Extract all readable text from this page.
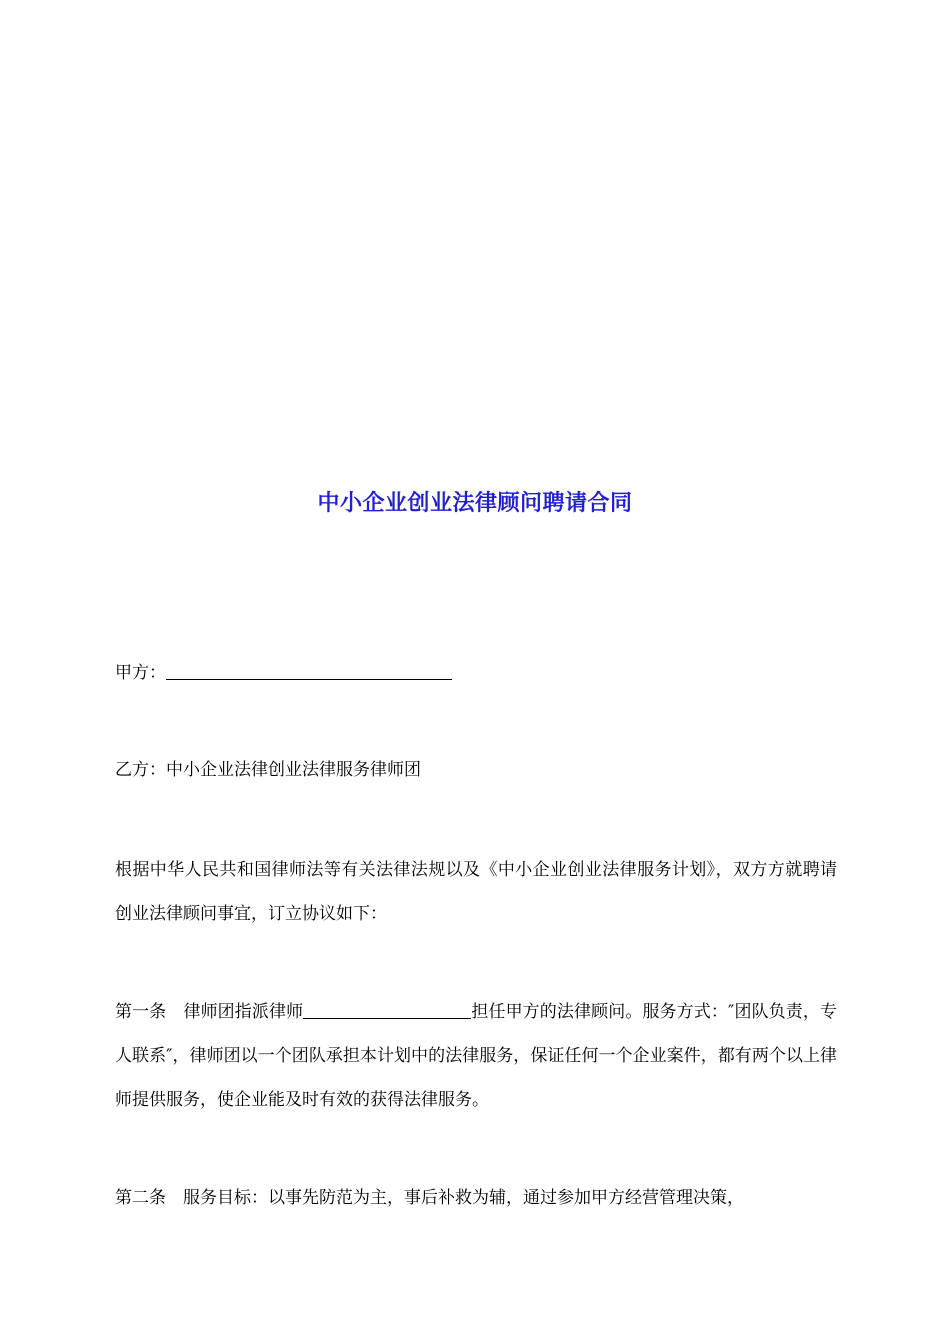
中小企业创业法律顾问聘请合同

甲方：

乙方：中小企业法律创业法律服务律师团

根据中华人民共和国律师法等有关法律法规以及《中小企业创业法律服务计划》，双方方就聘请创业法律顾问事宜，订立协议如下：

第一条 律师团指派律师	担任甲方的法律顾问。服务方式：″团队负责，专人联系″，律师团以一个团队承担本计划中的法律服务，保证任何一个企业案件，都有两个以上律师提供服务，使企业能及时有效的获得法律服务。

第二条 服务目标：以事先防范为主，事后补救为辅，通过参加甲方经营管理决策，
